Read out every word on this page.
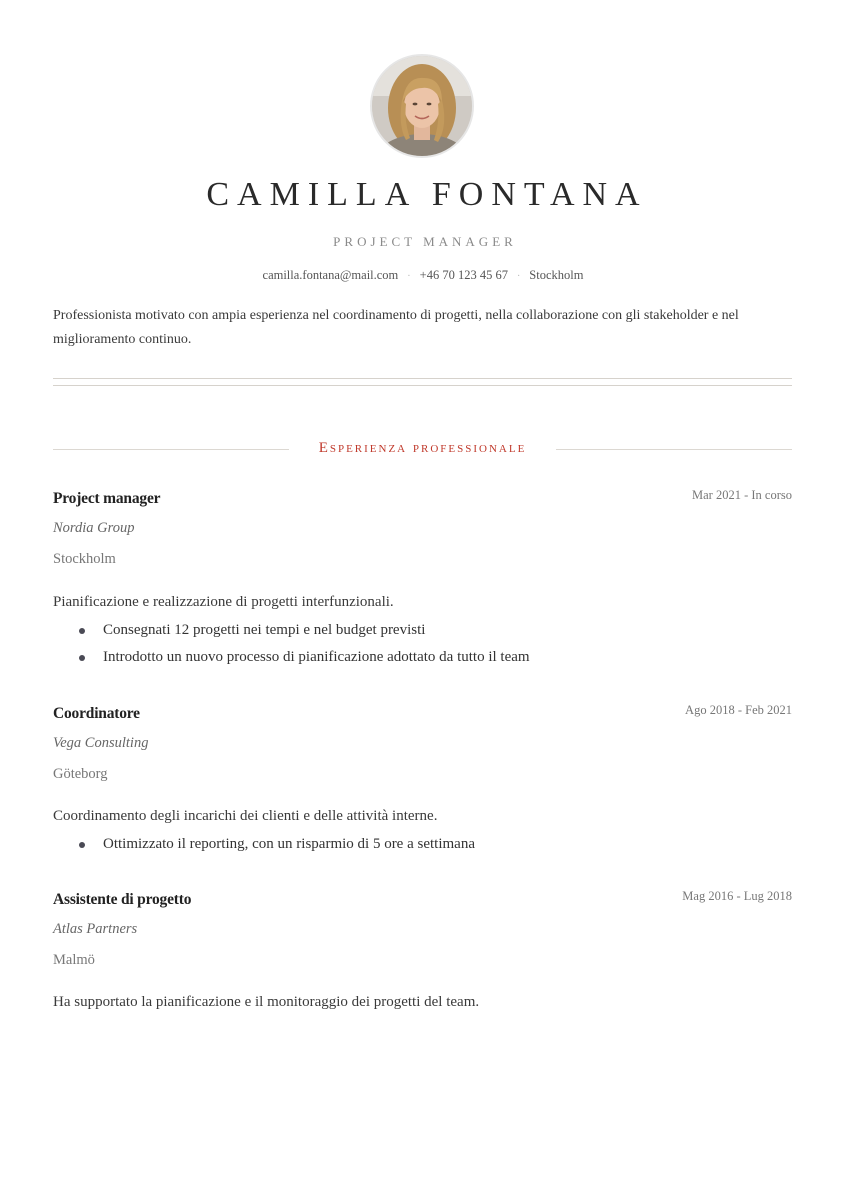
CAMILLA FONTANA
PROJECT MANAGER
camilla.fontana@mail.com · +46 70 123 45 67 · Stockholm
Professionista motivato con ampia esperienza nel coordinamento di progetti, nella collaborazione con gli stakeholder e nel miglioramento continuo.
Esperienza professionale
Project manager	Mar 2021 - In corso
Nordia Group
Stockholm
Pianificazione e realizzazione di progetti interfunzionali.
Consegnati 12 progetti nei tempi e nel budget previsti
Introdotto un nuovo processo di pianificazione adottato da tutto il team
Coordinatore	Ago 2018 - Feb 2021
Vega Consulting
Göteborg
Coordinamento degli incarichi dei clienti e delle attività interne.
Ottimizzato il reporting, con un risparmio di 5 ore a settimana
Assistente di progetto	Mag 2016 - Lug 2018
Atlas Partners
Malmö
Ha supportato la pianificazione e il monitoraggio dei progetti del team.
